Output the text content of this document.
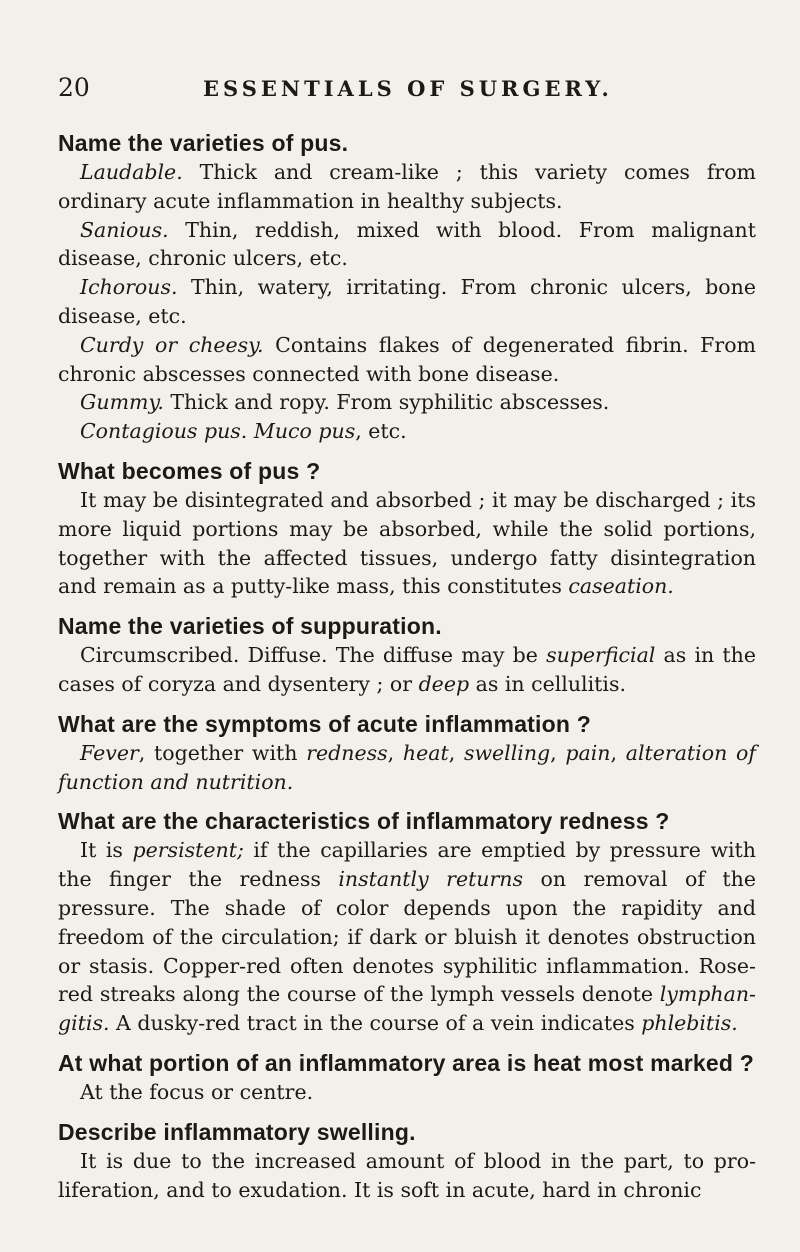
20	ESSENTIALS OF SURGERY.

Name the varieties of pus.

Laudable. Thick and cream-like ; this variety comes from ordinary acute inflammation in healthy subjects.

Sanious. Thin, reddish, mixed with blood. From malignant disease, chronic ulcers, etc.

Ichorous. Thin, watery, irritating. From chronic ulcers, bone disease, etc.

Curdy or cheesy. Contains flakes of degenerated fibrin. From chronic abscesses connected with bone disease.

Gummy. Thick and ropy. From syphilitic abscesses.

Contagious pus. Muco pus, etc.

What becomes of pus ?

It may be disintegrated and absorbed ; it may be discharged ; its more liquid portions may be absorbed, while the solid portions, together with the affected tissues, undergo fatty disintegration and remain as a putty-like mass, this constitutes caseation.

Name the varieties of suppuration.

Circumscribed. Diffuse. The diffuse may be superficial as in the cases of coryza and dysentery ; or deep as in cellulitis.

What are the symptoms of acute inflammation ?

Fever, together with redness, heat, swelling, pain, alteration of function and nutrition.

What are the characteristics of inflammatory redness ?

It is persistent; if the capillaries are emptied by pressure with the finger the redness instantly returns on removal of the pressure. The shade of color depends upon the rapidity and freedom of the circulation; if dark or bluish it denotes obstruction or stasis. Copper-red often denotes syphilitic inflammation. Rose-red streaks along the course of the lymph vessels denote lymphan-gitis. A dusky-red tract in the course of a vein indicates phlebitis.

At what portion of an inflammatory area is heat most marked ?

At the focus or centre.

Describe inflammatory swelling.

It is due to the increased amount of blood in the part, to pro-liferation, and to exudation. It is soft in acute, hard in chronic
